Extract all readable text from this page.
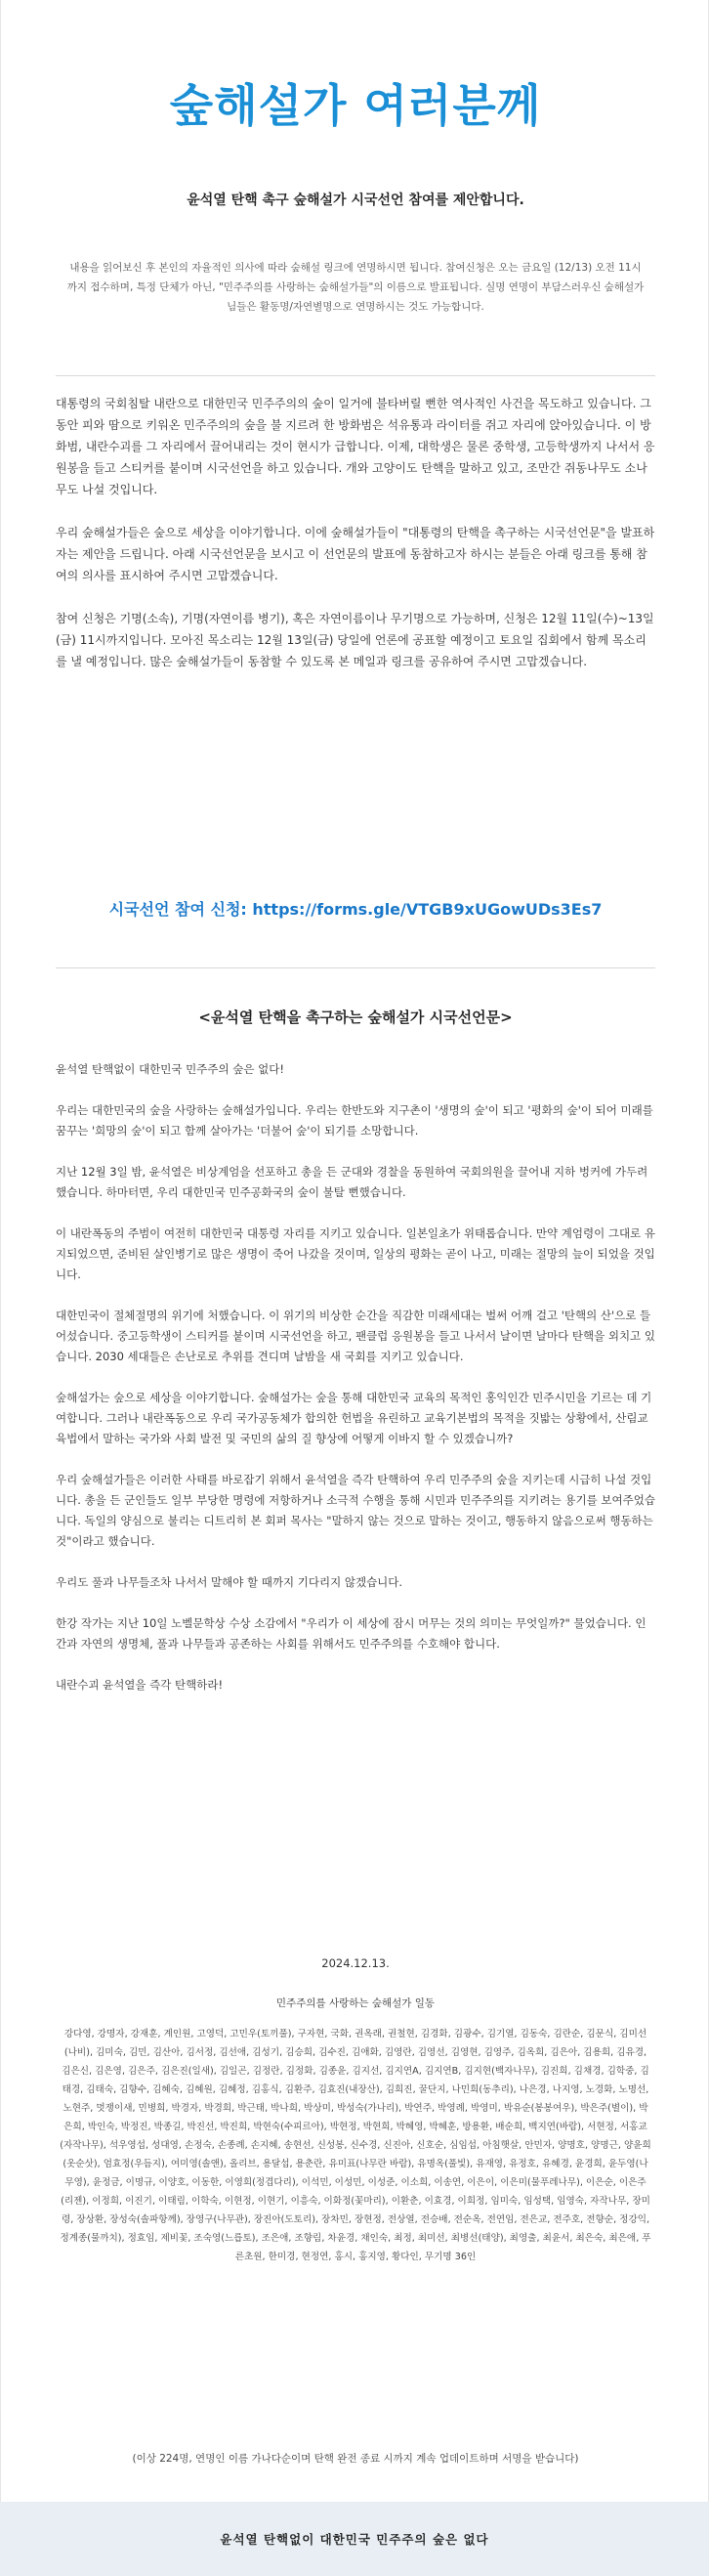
숲해설가 여러분께
윤석열 탄핵 촉구 숲해설가 시국선언 참여를 제안합니다.
내용을 읽어보신 후 본인의 자율적인 의사에 따라 숲해설 링크에 연명하시면 됩니다. 참여신청은 오는 금요일 (12/13) 오전 11시까지 접수하며, 특정 단체가 아닌, "민주주의를 사랑하는 숲해설가들"의 이름으로 발표됩니다. 실명 연명이 부담스러우신 숲해설가님들은 활동명/자연별명으로 연명하시는 것도 가능합니다.

대통령의 국회침탈 내란으로 대한민국 민주주의의 숲이 일거에 불타버릴 뻔한 역사적인 사건을 목도하고 있습니다. 그동안 피와 땀으로 키워온 민주주의의 숲을 불 지르려 한 방화범은 석유통과 라이터를 쥐고 자리에 앉아있습니다. 이 방화범, 내란수괴를 그 자리에서 끌어내리는 것이 현시가 급합니다. 이제, 대학생은 물론 중학생, 고등학생까지 나서서 응원봉을 들고 스티커를 붙이며 시국선언을 하고 있습니다. 개와 고양이도 탄핵을 말하고 있고, 조만간 쥐동나무도 소나무도 나설 것입니다.

우리 숲해설가들은 숲으로 세상을 이야기합니다. 이에 숲해설가들이 "대통령의 탄핵을 촉구하는 시국선언문"을 발표하자는 제안을 드립니다. 아래 시국선언문을 보시고 이 선언문의 발표에 동참하고자 하시는 분들은 아래 링크를 통해 참여의 의사를 표시하여 주시면 고맙겠습니다.

참여 신청은 기명(소속), 기명(자연이름 병기), 혹은 자연이름이나 무기명으로 가능하며, 신청은 12월 11일(수)~13일(금) 11시까지입니다. 모아진 목소리는 12월 13일(금) 당일에 언론에 공표할 예정이고 토요일 집회에서 함께 목소리를 낼 예정입니다. 많은 숲해설가들이 동참할 수 있도록 본 메일과 링크를 공유하여 주시면 고맙겠습니다.

시국선언 참여 신청: https://forms.gle/VTGB9xUGowUDs3Es7
<윤석열 탄핵을 촉구하는 숲해설가 시국선언문>

윤석열 탄핵없이 대한민국 민주주의 숲은 없다!

우리는 대한민국의 숲을 사랑하는 숲해설가입니다. 우리는 한반도와 지구촌이 '생명의 숲'이 되고 '평화의 숲'이 되어 미래를 꿈꾸는 '희망의 숲'이 되고 함께 살아가는 '더불어 숲'이 되기를 소망합니다.

지난 12월 3일 밤, 윤석열은 비상계엄을 선포하고 총을 든 군대와 경찰을 동원하여 국회의원을 끌어내 지하 벙커에 가두려했습니다. 하마터면, 우리 대한민국 민주공화국의 숲이 불탈 뻔했습니다.

이 내란폭동의 주범이 여전히 대한민국 대통령 자리를 지키고 있습니다. 일본일초가 위태롭습니다. 만약 계엄령이 그대로 유지되었으면, 준비된 살인병기로 많은 생명이 죽어 나갔을 것이며, 일상의 평화는 곧이 나고, 미래는 절망의 늪이 되었을 것입니다.

대한민국이 절체절명의 위기에 처했습니다. 이 위기의 비상한 순간을 직감한 미래세대는 벌써 어깨 걸고 '탄핵의 산'으로 들어섰습니다. 중고등학생이 스티커를 붙이며 시국선언을 하고, 팬클럽 응원봉을 들고 나서서 날이면 날마다 탄핵을 외치고 있습니다. 2030 세대들은 손난로로 추위를 견디며 날밤을 새 국회를 지키고 있습니다.

숲해설가는 숲으로 세상을 이야기합니다. 숲해설가는 숲을 통해 대한민국 교육의 목적인 홍익인간 민주시민을 기르는 데 기여합니다. 그러나 내란폭동으로 우리 국가공동체가 합의한 헌법을 유린하고 교육기본법의 목적을 짓밟는 상황에서, 산림교육법에서 말하는 국가와 사회 발전 및 국민의 삶의 질 향상에 어떻게 이바지 할 수 있겠습니까?

우리 숲해설가들은 이러한 사태를 바로잡기 위해서 윤석열을 즉각 탄핵하여 우리 민주주의 숲을 지키는데 시급히 나설 것입니다. 총을 든 군인들도 일부 부당한 명령에 저항하거나 소극적 수행을 통해 시민과 민주주의를 지키려는 용기를 보여주었습니다. 독일의 양심으로 불리는 디트리히 본 회퍼 목사는 "말하지 않는 것으로 말하는 것이고, 행동하지 않음으로써 행동하는 것"이라고 했습니다.

우리도 풀과 나무들조차 나서서 말해야 할 때까지 기다리지 않겠습니다.

한강 작가는 지난 10일 노벨문학상 수상 소감에서 "우리가 이 세상에 잠시 머무는 것의 의미는 무엇일까?" 물었습니다. 인간과 자연의 생명체, 풀과 나무들과 공존하는 사회를 위해서도 민주주의를 수호해야 합니다.

내란수괴 윤석열을 즉각 탄핵하라!

2024.12.13.
민주주의를 사랑하는 숲해설가 일동
강다영, 강명자, 강재훈, 계인원, 고영덕, 고민우(토끼풀), 구자현, 국화, 권옥래, 권철현, 김경화, 김광수, 김기열, 김동숙, 김란순, 김문식, 김미선(나비), 김미숙, 김민, 김산아, 김서정, 김선애, 김성기, 김승희, 김수진, 김애화, 김영란, 김영선, 김영현, 김영주, 김옥희, 김은아, 김용희, 김유경, 김은신, 김은영, 김은주, 김은진(일새), 김일곤, 김정란, 김정화, 김종윤, 김지선, 김지연A, 김지연B, 김지현(백자나무), 김진희, 김채경, 김학중, 김태경, 김태숙, 김향수, 김혜숙, 김혜원, 김혜정, 김홍식, 김환주, 김효진(내장산), 김희진, 꿀단지, 나민희(동추리), 나은경, 나지영, 노경화, 노명선, 노현주, 멋쟁이새, 민병희, 박경자, 박경희, 박근태, 박나희, 박상미, 박성숙(가나리), 박연주, 박영례, 박영미, 박유순(봉봉여우), 박은주(별이), 박은희, 박인숙, 박정진, 박종길, 박진선, 박진희, 박현숙(수피르아), 박현정, 박현희, 박혜영, 박혜훈, 방용환, 배순희, 백지연(바람), 서현정, 서홍교(자작나무), 석우영섭, 성대영, 손정숙, 손종례, 손지혜, 송현선, 신성봉, 신수경, 신진아, 신호순, 심임섭, 아침햇살, 안민자, 양명호, 양명근, 양윤희(옷순삿), 엄효정(우듬지), 여미영(솔앤), 올리브, 용달섭, 용춘란, 유미표(나무란 바람), 유명옥(풀빛), 유재영, 유정호, 유혜경, 윤경희, 윤두영(나무영), 윤정금, 이명규, 이양호, 이동한, 이영희(정겹다리), 이석민, 이성민, 이성준, 이소희, 이송연, 이은이, 이은미(물푸레나무), 이은순, 이은주(리젠), 이정희, 이진기, 이태림, 이학숙, 이현정, 이현기, 이흥숙, 이화정(꽃마리), 이환춘, 이효경, 이희정, 임미숙, 임성택, 임영숙, 자작나무, 장미령, 장상환, 장성숙(솔파항께), 장영구(나무관), 장진아(도토리), 장차민, 장현정, 전상열, 전승배, 전순옥, 전연임, 전은교, 전주호, 전향순, 정강익, 정계종(물까치), 정효임, 제비꽃, 조숙영(느릅토), 조은애, 조향림, 차윤경, 채인숙, 최정, 최미선, 최병선(태양), 최영출, 최윤서, 최은숙, 최은애, 푸른초원, 한미경, 현정연, 홍시, 홍지영, 황다인, 무기명 36인
(이상 224명, 연명인 이름 가나다순이며 탄핵 완전 종료 시까지 계속 업데이트하며 서명을 받습니다)
윤석열 탄핵없이 대한민국 민주주의 숲은 없다
